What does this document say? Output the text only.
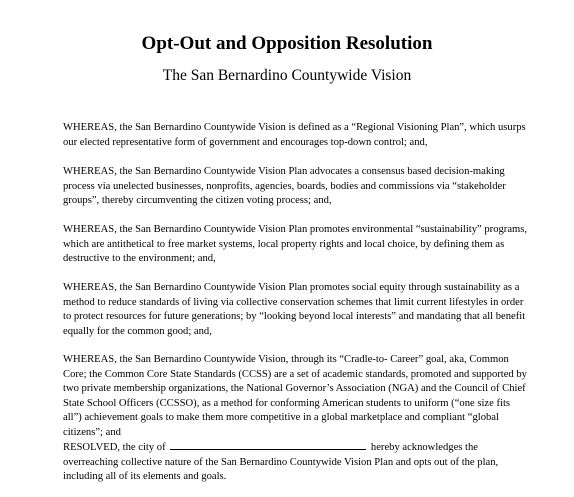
Opt-Out and Opposition Resolution
The San Bernardino Countywide Vision

WHEREAS, the San Bernardino Countywide Vision is defined as a “Regional Visioning Plan”, which usurps our elected representative form of government and encourages top-down control; and,

WHEREAS, the San Bernardino Countywide Vision Plan advocates a consensus based decision-making process via unelected businesses, nonprofits, agencies, boards, bodies and commissions via “stakeholder groups”, thereby circumventing the citizen voting process; and,

WHEREAS, the San Bernardino Countywide Vision Plan promotes environmental “sustainability” programs, which are antithetical to free market systems, local property rights and local choice, by defining them as destructive to the environment; and,

WHEREAS, the San Bernardino Countywide Vision Plan promotes social equity through sustainability as a method to reduce standards of living via collective conservation schemes that limit current lifestyles in order to protect resources for future generations; by “looking beyond local interests” and mandating that all benefit equally for the common good; and,

WHEREAS, the San Bernardino Countywide Vision, through its “Cradle-to- Career” goal, aka, Common Core; the Common Core State Standards (CCSS) are a set of academic standards, promoted and supported by two private membership organizations, the National Governor’s Association (NGA) and the Council of Chief State School Officers (CCSSO), as a method for conforming American students to uniform (“one size fits all”) achievement goals to make them more competitive in a global marketplace and compliant “global citizens”; and

RESOLVED, the city of	hereby acknowledges the overreaching collective nature of the San Bernardino Countywide Vision Plan and opts out of the plan, including all of its elements and goals.
